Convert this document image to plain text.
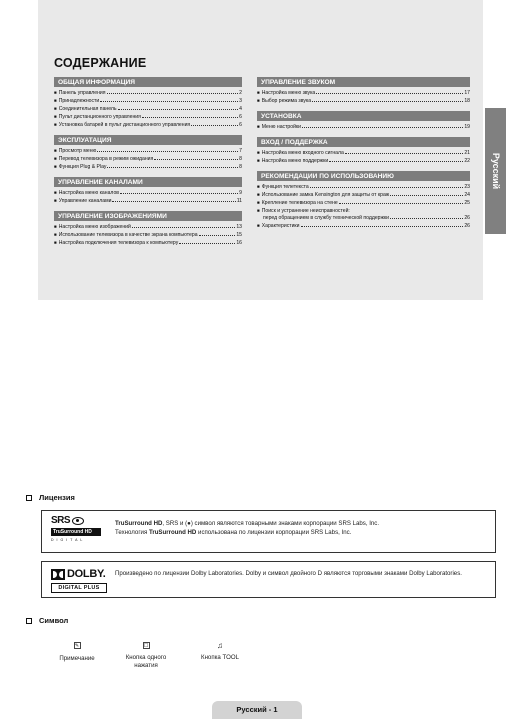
СОДЕРЖАНИЕ
ОБЩАЯ ИНФОРМАЦИЯ
■ Панель управления	2
■ Принадлежности	3
■ Соединительная панель	4
■ Пульт дистанционного управления	6
■ Установка батарей в пульт дистанционного управления	6
ЭКСПЛУАТАЦИЯ
■ Просмотр меню	7
■ Перевод телевизора в режим ожидания	8
■ Функция Plug & Play	8
УПРАВЛЕНИЕ КАНАЛАМИ
■ Настройка меню каналов	9
■ Управление каналами	11
УПРАВЛЕНИЕ ИЗОБРАЖЕНИЯМИ
■ Настройка меню изображений	13
■ Использование телевизора в качестве экрана компьютера	15
■ Настройка подключения телевизора к компьютеру	16
УПРАВЛЕНИЕ ЗВУКОМ
■ Настройка меню звука	17
■ Выбор режима звука	18
УСТАНОВКА
■ Меню настройки	19
ВХОД / ПОДДЕРЖКА
■ Настройка меню входного сигнала	21
■ Настройка меню поддержки	22
РЕКОМЕНДАЦИИ ПО ИСПОЛЬЗОВАНИЮ
■ Функция телетекста	23
■ Использование замка Kensington для защиты от краж	24
■ Крепление телевизора на стене	25
■ Поиск и устранение неисправностей:
перед обращением в службу технической поддержки	26
■ Характеристики	26
Русский
Лицензия
SRS
TruSurround HD
DIGITAL
TruSurround HD, SRS и (●) символ являются товарными знаками корпорации SRS Labs, Inc.
Технология TruSurround HD использована по лицензии корпорации SRS Labs, Inc.
DOLBY.
DIGITAL PLUS
Произведено по лицензии Dolby Laboratories. Dolby и символ двойного D являются торговыми знаками Dolby Laboratories.
Символ
✎
Примечание
☐
Кнопка одного нажатия
♫
Кнопка TOOL
Русский - 1
